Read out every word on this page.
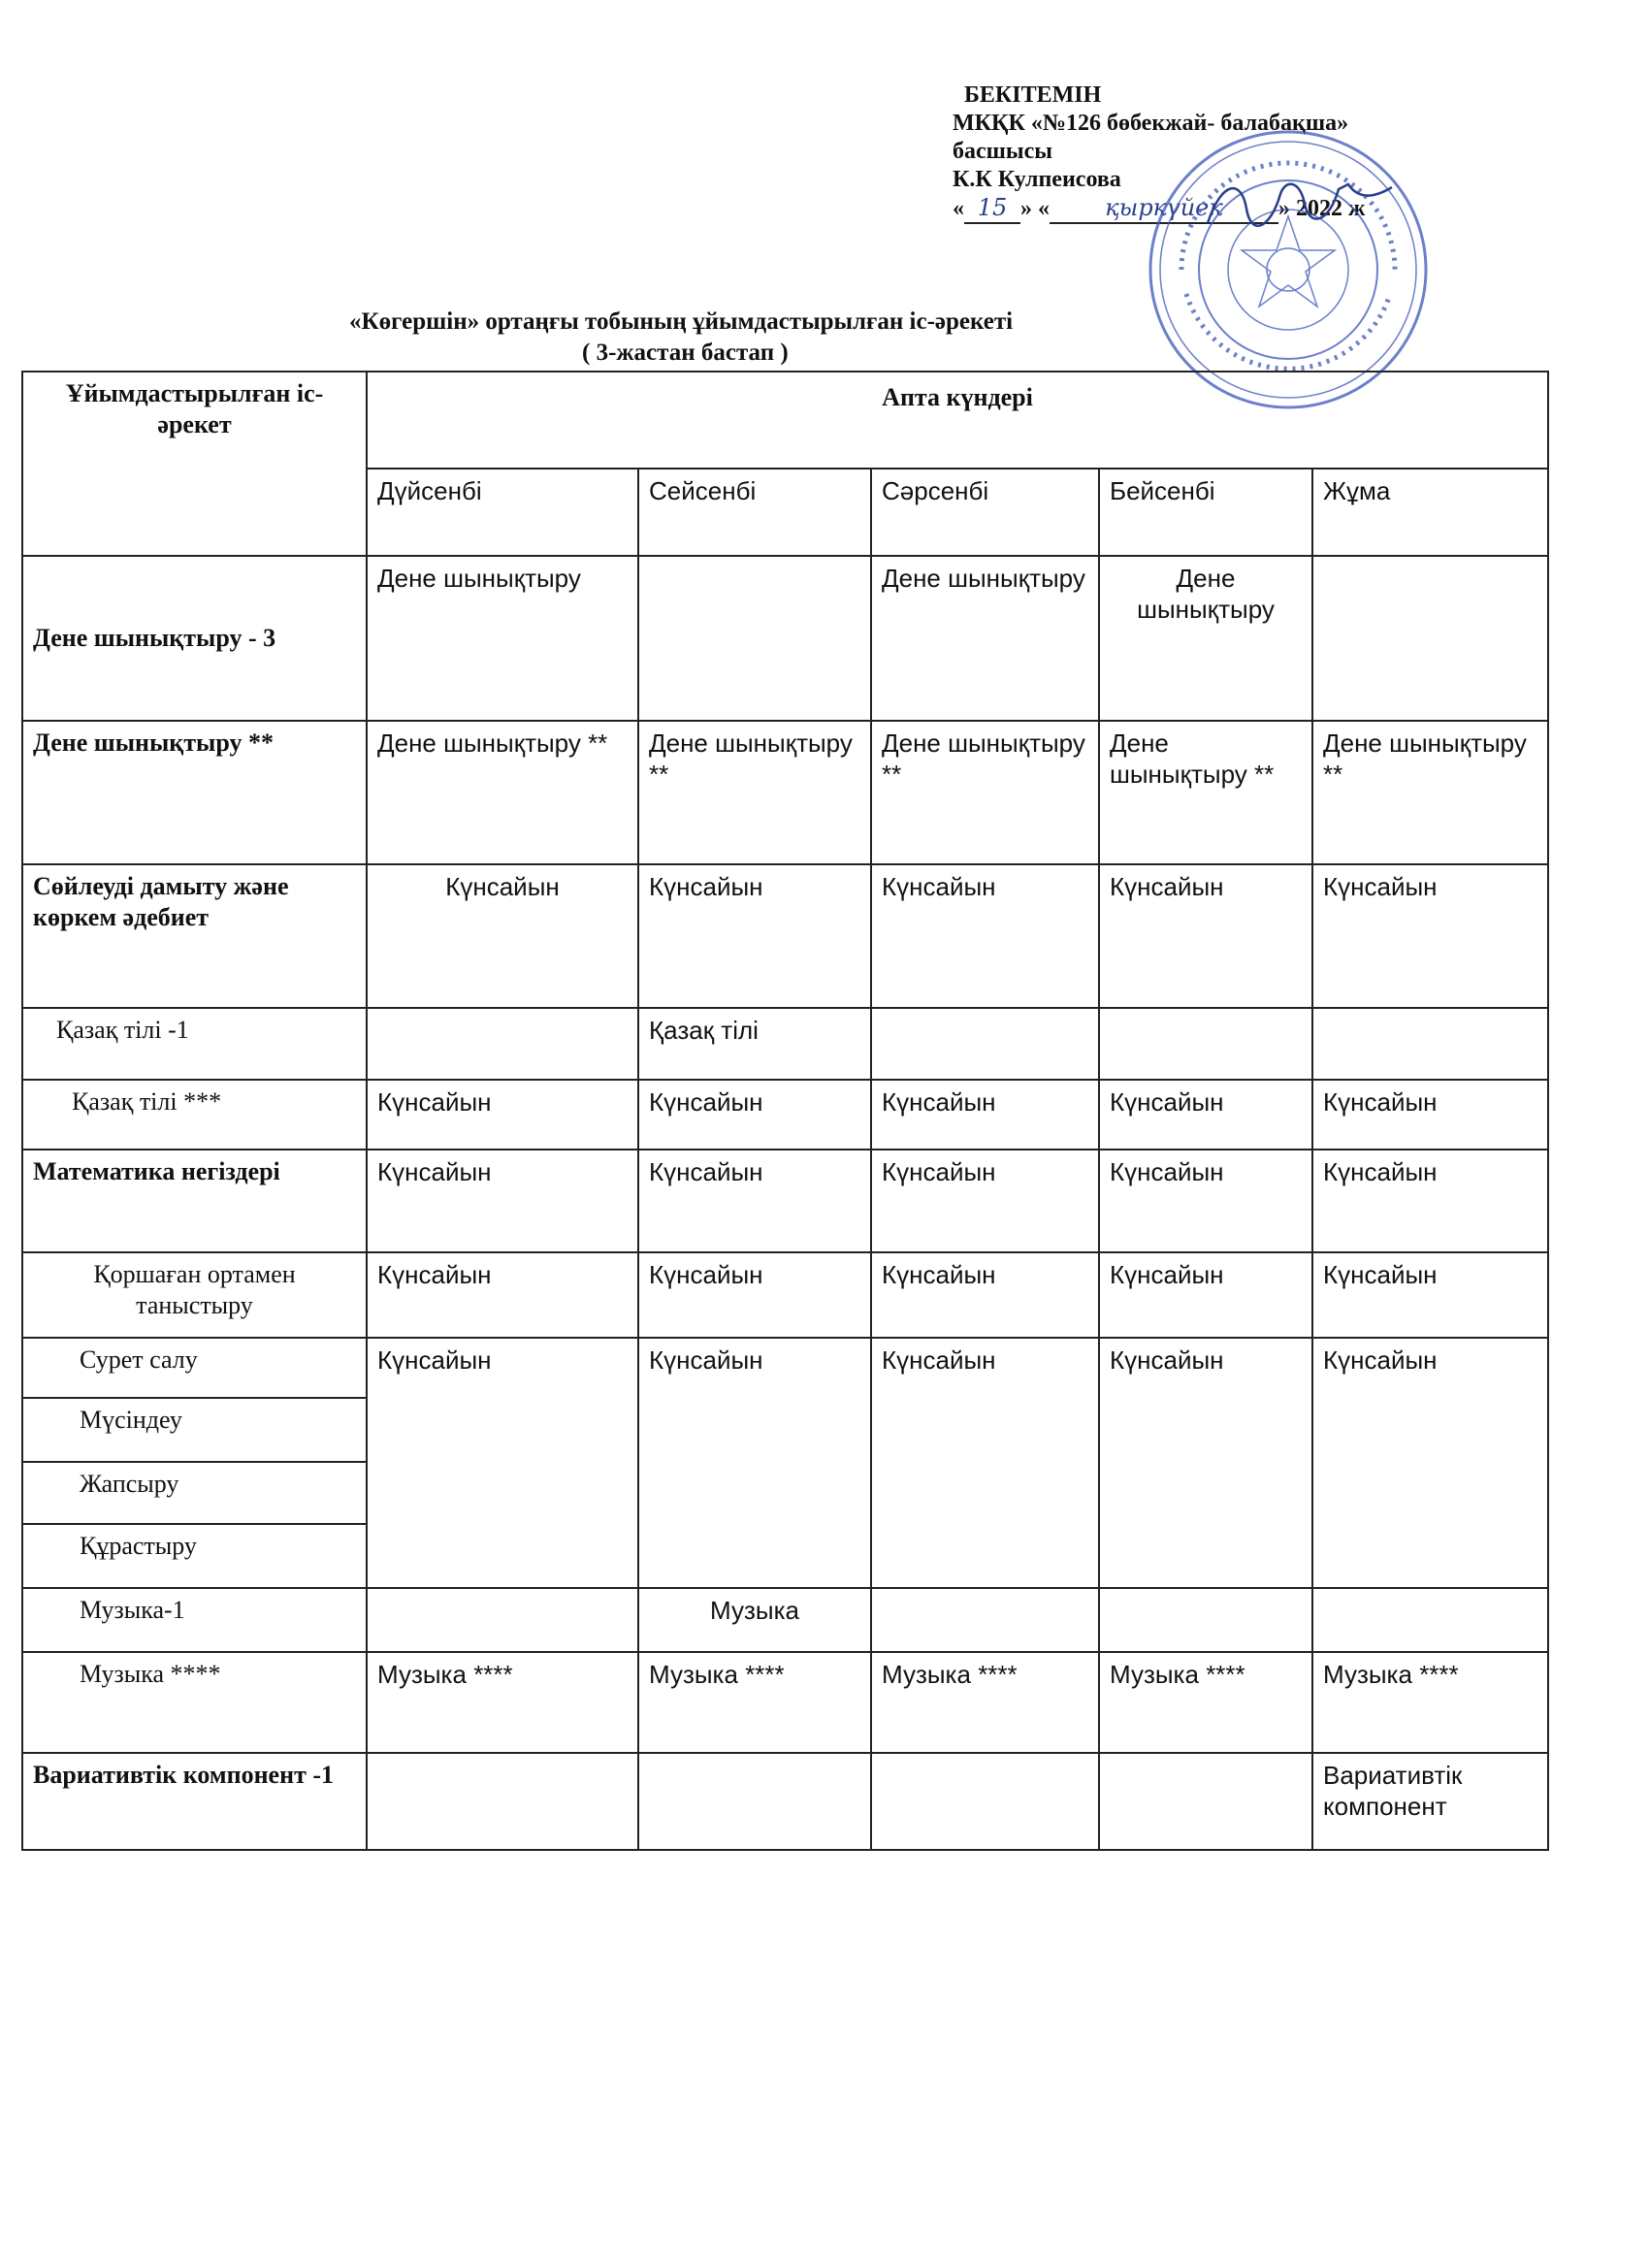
БЕКІТЕМІН
МКҚК «№126 бөбекжай- балабақша»
басшысы
К.К Кулпеисова
« 15 » « қыркүйек » 2022 ж
«Көгершін» ортаңғы тобының ұйымдастырылған іс-әрекеті
( 3-жастан бастап )
Ұйымдастырылған іс-әрекет	Апта күндері				
	Дүйсенбі	Сейсенбі	Сәрсенбі	Бейсенбі	Жұма
Дене шынықтыру - 3	Дене шынықтыру		Дене шынықтыру	Дене шынықтыру	
Дене шынықтыру **	Дене шынықтыру **	Дене шынықтыру **	Дене шынықтыру **	Дене шынықтыру **	Дене шынықтыру **
Сөйлеуді дамыту және көркем әдебиет	Күнсайын	Күнсайын	Күнсайын	Күнсайын	Күнсайын
Қазақ тілі -1		Қазақ тілі			
Қазақ тілі ***	Күнсайын	Күнсайын	Күнсайын	Күнсайын	Күнсайын
Математика негіздері	Күнсайын	Күнсайын	Күнсайын	Күнсайын	Күнсайын
Қоршаған ортамен таныстыру	Күнсайын	Күнсайын	Күнсайын	Күнсайын	Күнсайын
Сурет салу	Күнсайын	Күнсайын	Күнсайын	Күнсайын	Күнсайын
Мүсіндеу					
Жапсыру					
Құрастыру					
Музыка-1		Музыка			
Музыка ****	Музыка ****	Музыка ****	Музыка ****	Музыка ****	Музыка ****
Вариативтік компонент -1					Вариативтік компонент
